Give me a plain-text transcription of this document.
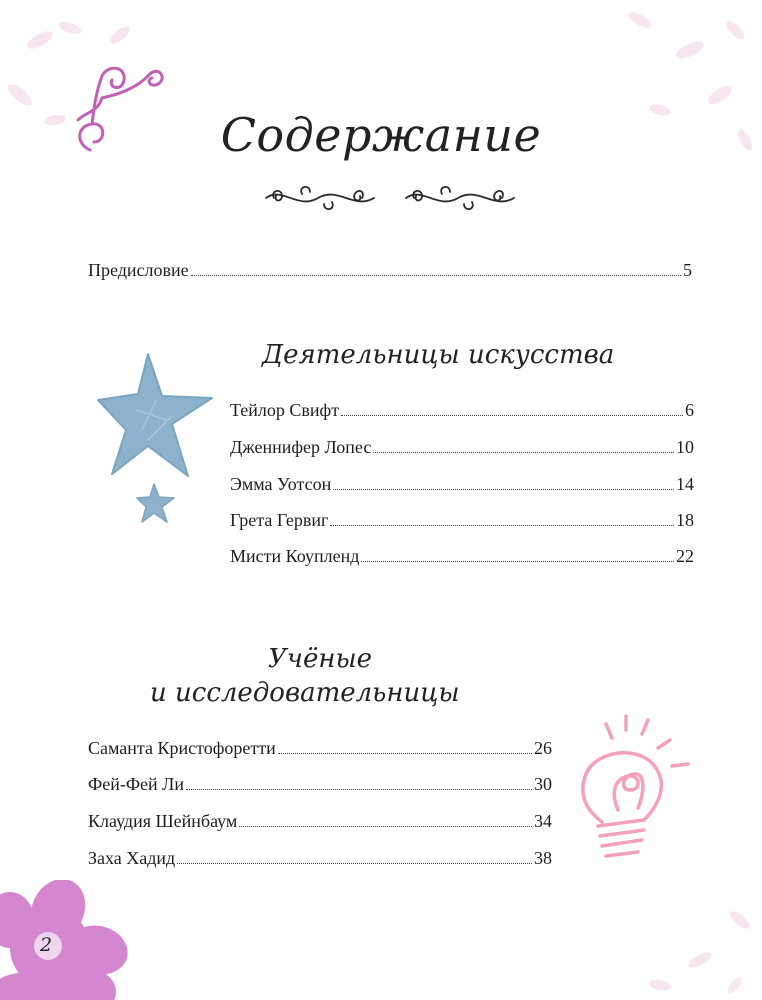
Содержание
Предисловие	5
Деятельницы искусства
Тейлор Свифт	6
Дженнифер Лопес	10
Эмма Уотсон	14
Грета Гервиг	18
Мисти Коупленд	22
Учёные
и исследовательницы
Саманта Кристофоретти	26
Фей-Фей Ли	30
Клаудия Шейнбаум	34
Заха Хадид	38
2
